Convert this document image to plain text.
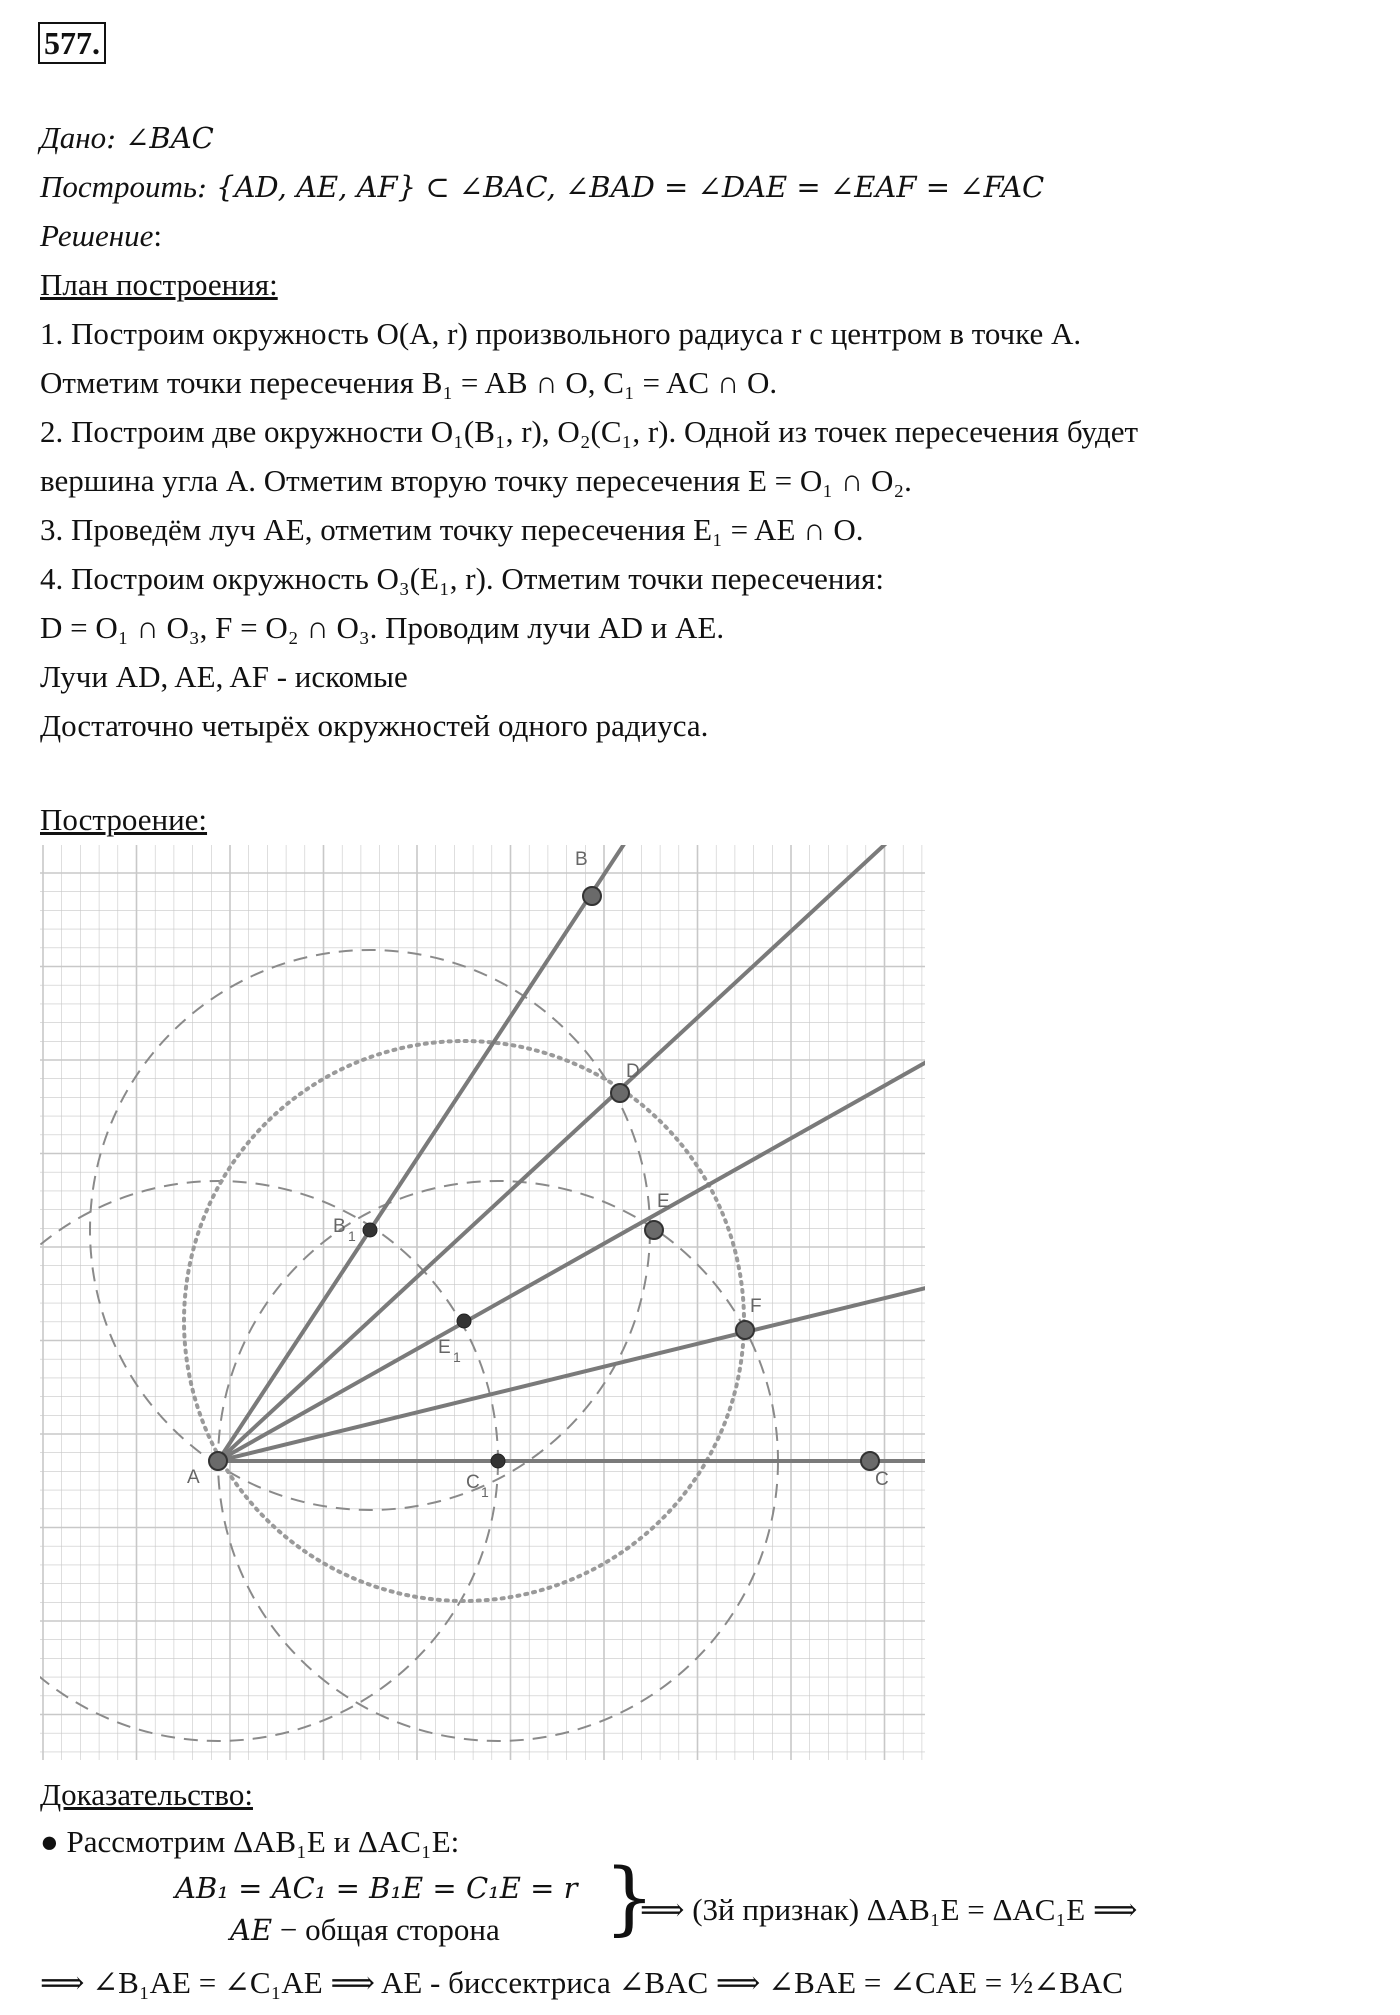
577.
Дано: ∠BAC
Построить: {AD, AE, AF} ⊂ ∠BAC, ∠BAD = ∠DAE = ∠EAF = ∠FAC
Решение:
План построения:
1. Построим окружность O(A, r) произвольного радиуса r с центром в точке A.
Отметим точки пересечения B₁ = AB ∩ O, C₁ = AC ∩ O.
2. Построим две окружности O₁(B₁, r), O₂(C₁, r). Одной из точек пересечения будет
вершина угла A. Отметим вторую точку пересечения E = O₁ ∩ O₂.
3. Проведём луч AE, отметим точку пересечения E₁ = AE ∩ O.
4. Построим окружность O₃(E₁, r). Отметим точки пересечения:
D = O₁ ∩ O₃, F = O₂ ∩ O₃. Проводим лучи AD и AE.
Лучи AD, AE, AF - искомые
Достаточно четырёх окружностей одного радиуса.
Построение:
A
B
C
D
E
F
B 1
E 1
C 1
Доказательство:
● Рассмотрим ΔAB₁E и ΔAC₁E:
AB₁ = AC₁ = B₁E = C₁E = r
AE − общая сторона }
⟹ (3й признак) ΔAB₁E = ΔAC₁E ⟹
⟹ ∠B₁AE = ∠C₁AE ⟹ AE - биссектриса ∠BAC ⟹ ∠BAE = ∠CAE = ½∠BAC
